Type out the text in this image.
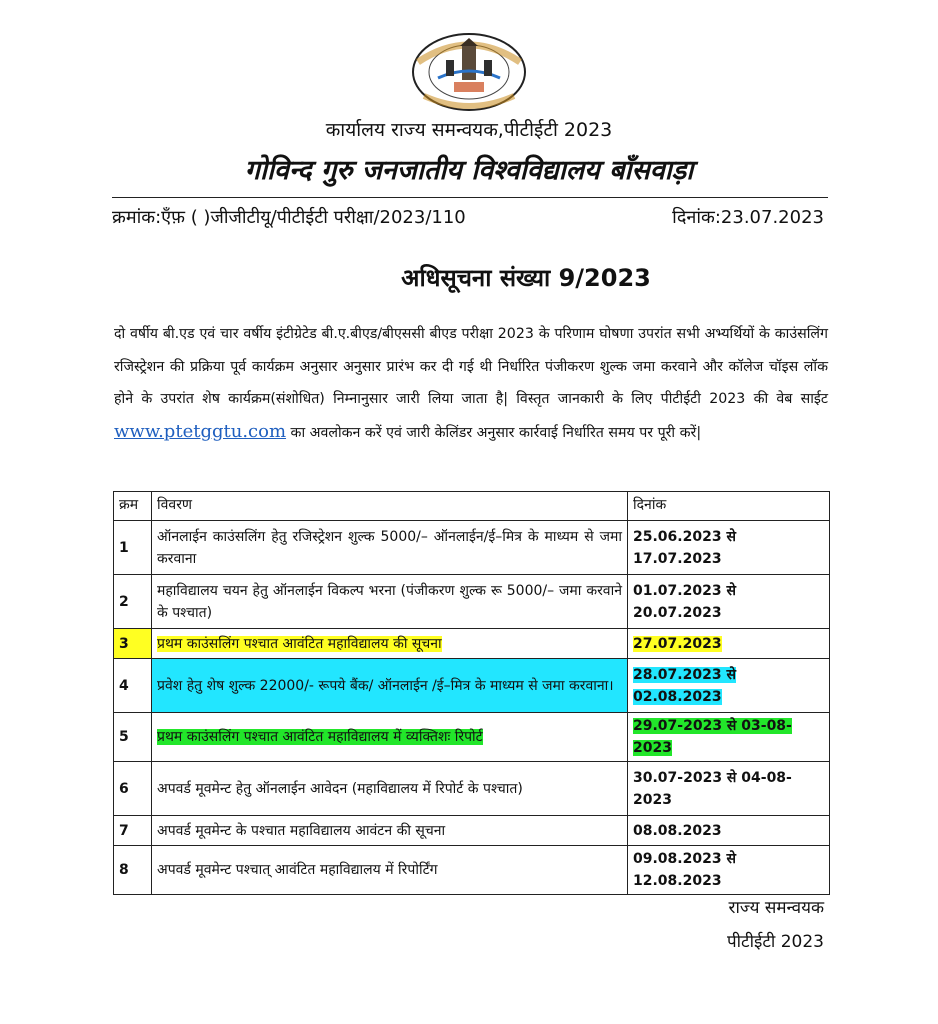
कार्यालय राज्य समन्वयक,पीटीईटी 2023
गोविन्द गुरु जनजातीय विश्वविद्यालय बाँसवाड़ा
क्रमांक:एँफ़ ( )जीजीटीयू/पीटीईटी परीक्षा/2023/110	दिनांक:23.07.2023
अधिसूचना संख्या 9/2023
दो वर्षीय बी.एड एवं चार वर्षीय इंटीग्रेटेड बी.ए.बीएड/बीएससी बीएड परीक्षा 2023 के परिणाम घोषणा उपरांत सभी अभ्यर्थियों के काउंसलिंग रजिस्ट्रेशन की प्रक्रिया पूर्व कार्यक्रम अनुसार अनुसार प्रारंभ कर दी गई थी निर्धारित पंजीकरण शुल्क जमा करवाने और कॉलेज चॉइस लॉक होने के उपरांत शेष कार्यक्रम(संशोधित) निम्नानुसार जारी लिया जाता है| विस्तृत जानकारी के लिए पीटीईटी 2023 की वेब साईट www.ptetggtu.com का अवलोकन करें एवं जारी केलिंडर अनुसार कार्रवाई निर्धारित समय पर पूरी करें|
क्रम	विवरण	दिनांक
1	ऑनलाईन काउंसलिंग हेतु रजिस्ट्रेशन शुल्क 5000/– ऑनलाईन/ई–मित्र के माध्यम से जमा करवाना	25.06.2023 से 17.07.2023
2	महाविद्यालय चयन हेतु ऑनलाईन विकल्प भरना (पंजीकरण शुल्क रू 5000/– जमा करवाने के पश्चात)	01.07.2023 से 20.07.2023
3	प्रथम काउंसलिंग पश्चात आवंटित महाविद्यालय की सूचना	27.07.2023
4	प्रवेश हेतु शेष शुल्क 22000/- रूपये बैंक/ ऑनलाईन /ई–मित्र के माध्यम से जमा करवाना।	28.07.2023 से 02.08.2023
5	प्रथम काउंसलिंग पश्चात आवंटित महाविद्यालय में व्यक्तिशः रिपोर्ट	29.07-2023 से 03-08-2023
6	अपवर्ड मूवमेन्ट हेतु ऑनलाईन आवेदन (महाविद्यालय में रिपोर्ट के पश्चात)	30.07-2023 से 04-08-2023
7	अपवर्ड मूवमेन्ट के पश्चात महाविद्यालय आवंटन की सूचना	08.08.2023
8	अपवर्ड मूवमेन्ट पश्चात् आवंटित महाविद्यालय में रिपोर्टिंग	09.08.2023 से 12.08.2023
राज्य समन्वयक
पीटीईटी 2023
